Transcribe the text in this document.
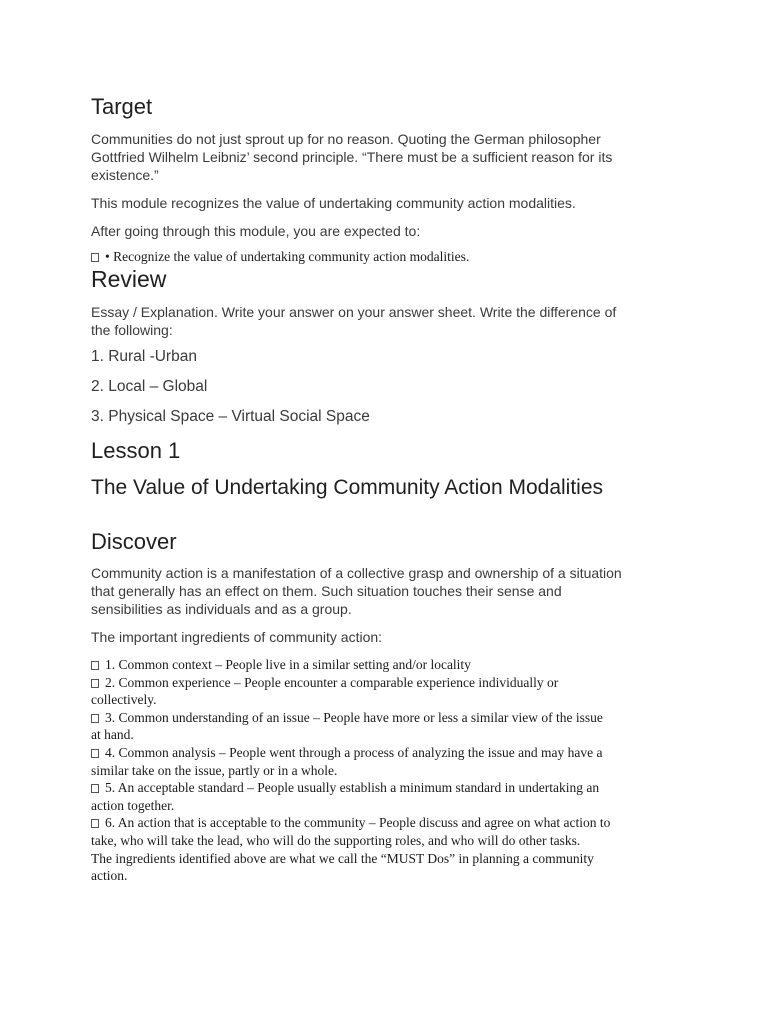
Target
Communities do not just sprout up for no reason. Quoting the German philosopher
Gottfried Wilhelm Leibniz’ second principle. “There must be a sufficient reason for its
existence.”

This module recognizes the value of undertaking community action modalities.

After going through this module, you are expected to:

• Recognize the value of undertaking community action modalities.
Review
Essay / Explanation. Write your answer on your answer sheet. Write the difference of
the following:

1. Rural -Urban

2. Local – Global

3. Physical Space – Virtual Social Space

Lesson 1
The Value of Undertaking Community Action Modalities
Discover
Community action is a manifestation of a collective grasp and ownership of a situation
that generally has an effect on them. Such situation touches their sense and
sensibilities as individuals and as a group.

The important ingredients of community action:

1. Common context – People live in a similar setting and/or locality
2. Common experience – People encounter a comparable experience individually or
collectively.
3. Common understanding of an issue – People have more or less a similar view of the issue
at hand.
4. Common analysis – People went through a process of analyzing the issue and may have a
similar take on the issue, partly or in a whole.
5. An acceptable standard – People usually establish a minimum standard in undertaking an
action together.
6. An action that is acceptable to the community – People discuss and agree on what action to
take, who will take the lead, who will do the supporting roles, and who will do other tasks.
The ingredients identified above are what we call the “MUST Dos” in planning a community
action.
